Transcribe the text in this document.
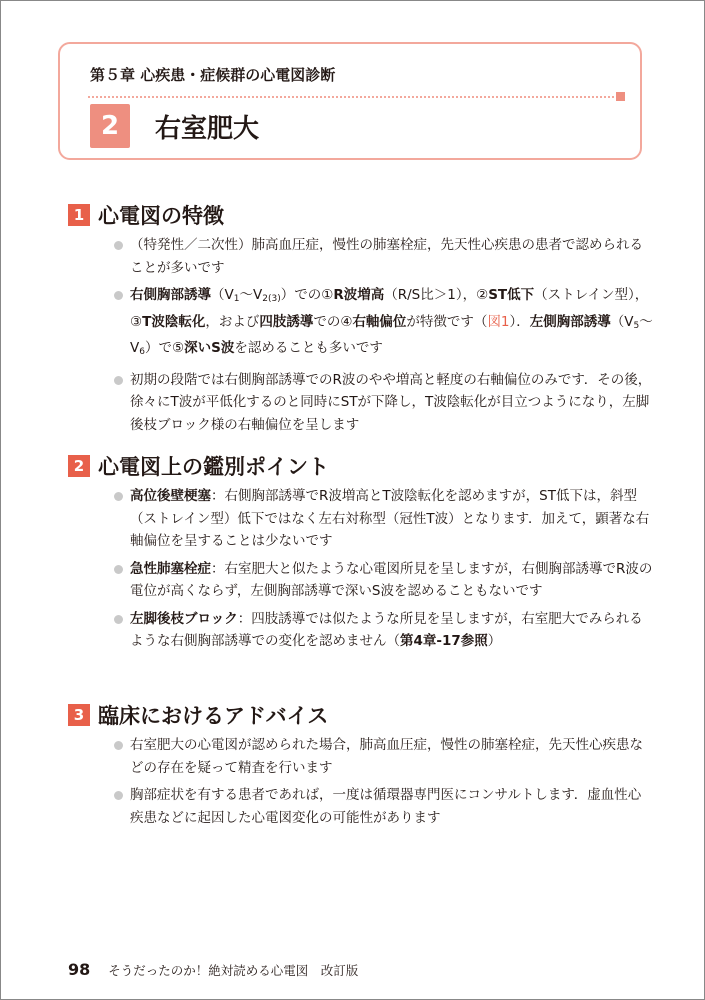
第５章 心疾患・症候群の心電図診断
2	右室肥大
1 心電図の特徴
（特発性／二次性）肺高血圧症，慢性の肺塞栓症，先天性心疾患の患者で認められることが多いです
右側胸部誘導$(V_1\sim V_{2(3)})$での①R波増高（R/S比＞1），②ST低下（ストレイン型），③T波陰転化，および四肢誘導での④右軸偏位が特徴です（図1）．左側胸部誘導$(V_5\sim V_6)$で⑤深いS波を認めることも多いです
初期の段階では右側胸部誘導でのR波のやや増高と軽度の右軸偏位のみです．その後，徐々にT波が平低化するのと同時にSTが下降し，T波陰転化が目立つようになり，左脚後枝ブロック様の右軸偏位を呈します
2 心電図上の鑑別ポイント
高位後壁梗塞：右側胸部誘導でR波増高とT波陰転化を認めますが，ST低下は，斜型（ストレイン型）低下ではなく左右対称型（冠性T波）となります．加えて，顕著な右軸偏位を呈することは少ないです
急性肺塞栓症：右室肥大と似たような心電図所見を呈しますが，右側胸部誘導でR波の電位が高くならず，左側胸部誘導で深いS波を認めることもないです
左脚後枝ブロック：四肢誘導では似たような所見を呈しますが，右室肥大でみられるような右側胸部誘導での変化を認めません（第4章-17参照）
3 臨床におけるアドバイス
右室肥大の心電図が認められた場合，肺高血圧症，慢性の肺塞栓症，先天性心疾患などの存在を疑って精査を行います
胸部症状を有する患者であれば，一度は循環器専門医にコンサルトします．虚血性心疾患などに起因した心電図変化の可能性があります
98 そうだったのか！絶対読める心電図　改訂版
